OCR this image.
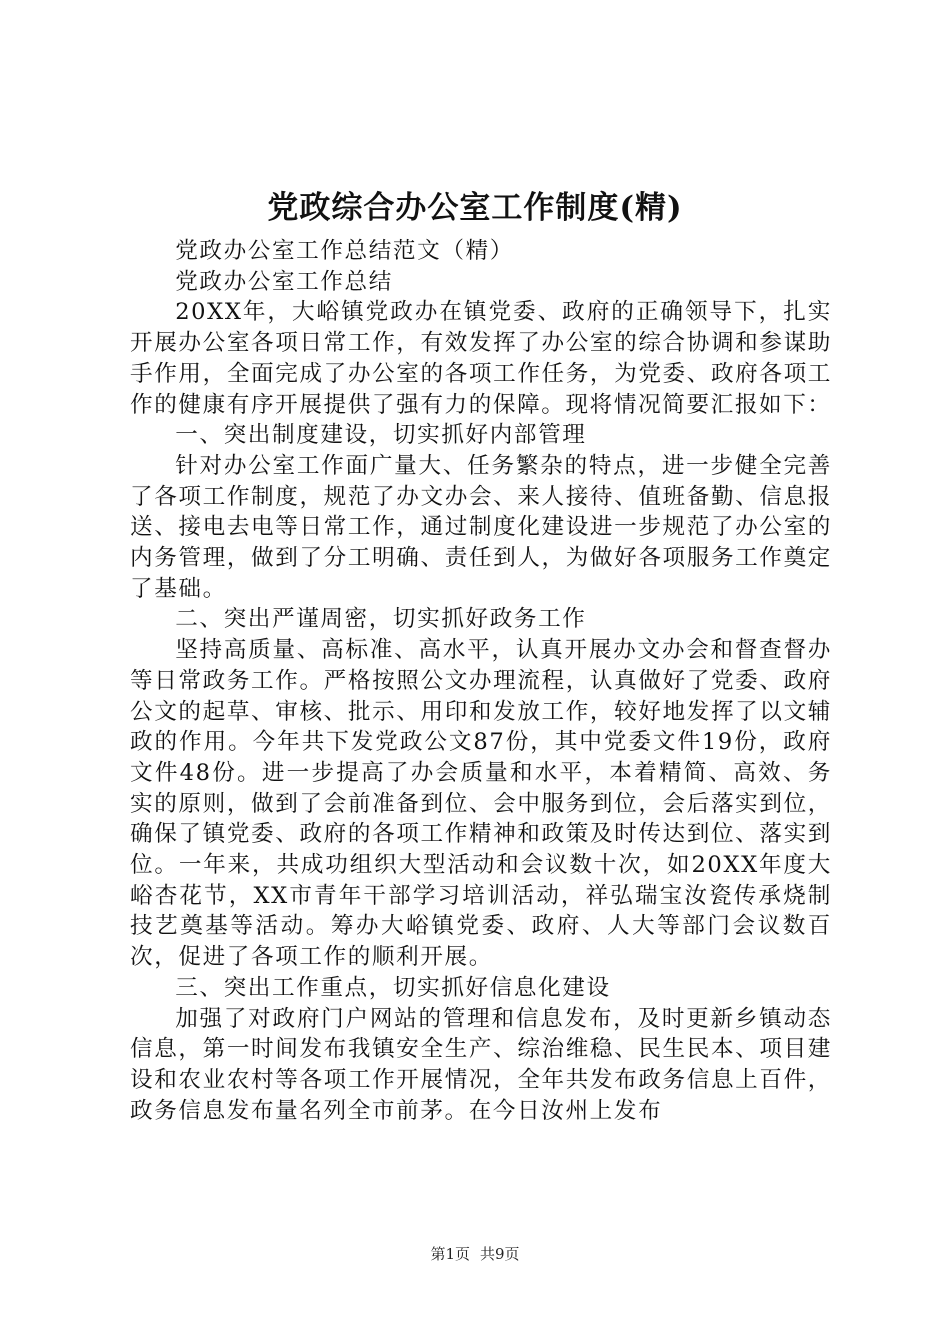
党政综合办公室工作制度(精)

党政办公室工作总结范文（精）

党政办公室工作总结

20XX年，大峪镇党政办在镇党委、政府的正确领导下，扎实开展办公室各项日常工作，有效发挥了办公室的综合协调和参谋助手作用，全面完成了办公室的各项工作任务，为党委、政府各项工作的健康有序开展提供了强有力的保障。现将情况简要汇报如下：

一、突出制度建设，切实抓好内部管理

针对办公室工作面广量大、任务繁杂的特点，进一步健全完善了各项工作制度，规范了办文办会、来人接待、值班备勤、信息报送、接电去电等日常工作，通过制度化建设进一步规范了办公室的内务管理，做到了分工明确、责任到人，为做好各项服务工作奠定了基础。

二、突出严谨周密，切实抓好政务工作

坚持高质量、高标准、高水平，认真开展办文办会和督查督办等日常政务工作。严格按照公文办理流程，认真做好了党委、政府公文的起草、审核、批示、用印和发放工作，较好地发挥了以文辅政的作用。今年共下发党政公文87份，其中党委文件19份，政府文件48份。进一步提高了办会质量和水平，本着精简、高效、务实的原则，做到了会前准备到位、会中服务到位，会后落实到位，确保了镇党委、政府的各项工作精神和政策及时传达到位、落实到位。一年来，共成功组织大型活动和会议数十次，如20XX年度大峪杏花节，XX市青年干部学习培训活动，祥弘瑞宝汝瓷传承烧制技艺奠基等活动。筹办大峪镇党委、政府、人大等部门会议数百次，促进了各项工作的顺利开展。

三、突出工作重点，切实抓好信息化建设

加强了对政府门户网站的管理和信息发布，及时更新乡镇动态信息，第一时间发布我镇安全生产、综治维稳、民生民本、项目建设和农业农村等各项工作开展情况，全年共发布政务信息上百件，政务信息发布量名列全市前茅。在今日汝州上发布

第1页 共9页
